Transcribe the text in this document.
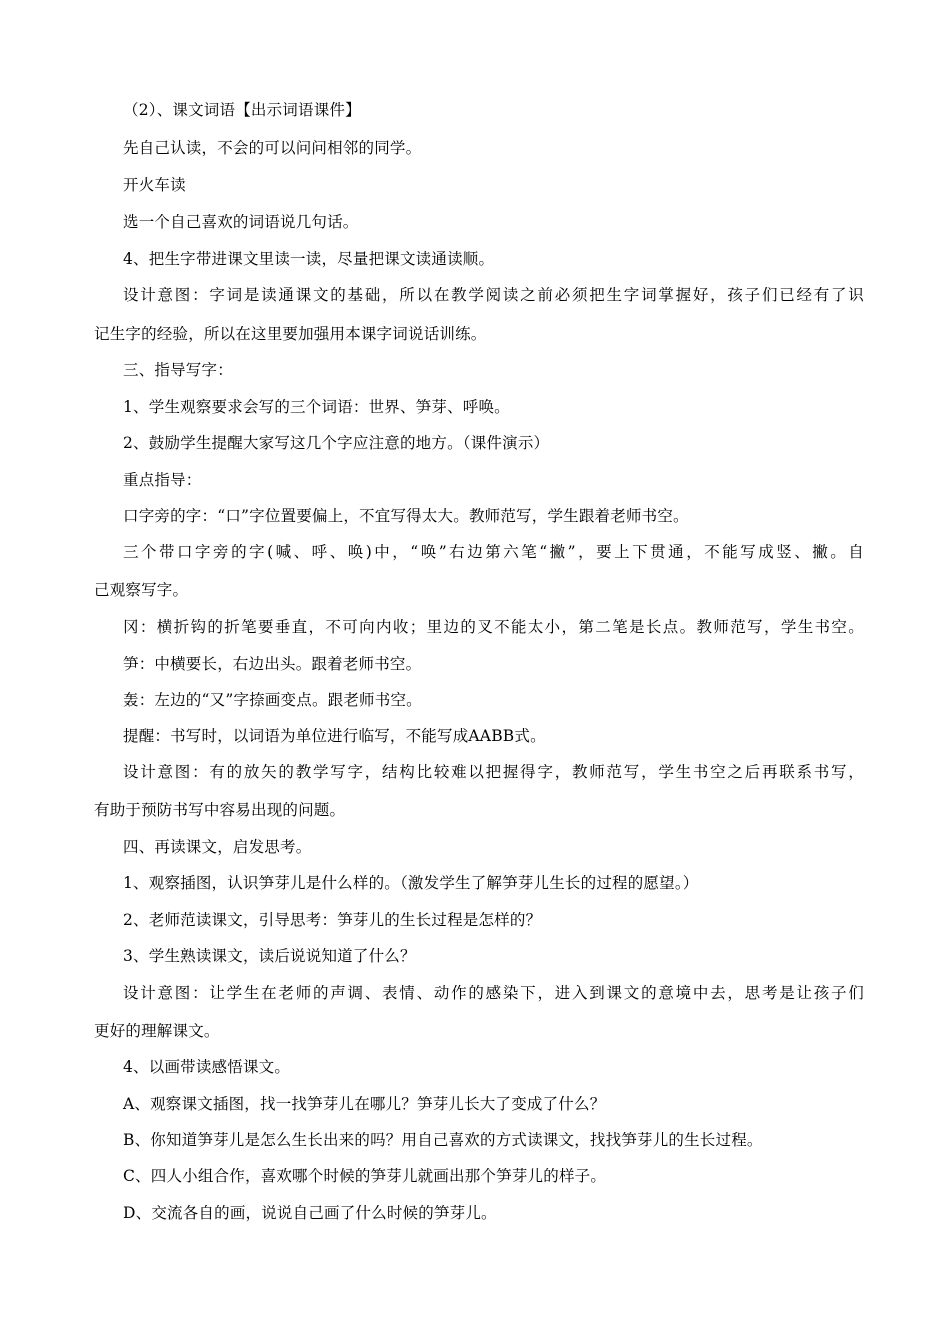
（2）、课文词语【出示词语课件】
先自己认读，不会的可以问问相邻的同学。
开火车读
选一个自己喜欢的词语说几句话。
4、把生字带进课文里读一读，尽量把课文读通读顺。
设计意图：字词是读通课文的基础，所以在教学阅读之前必须把生字词掌握好，孩子们已经有了识
记生字的经验，所以在这里要加强用本课字词说话训练。
三、指导写字：
1、学生观察要求会写的三个词语：世界、笋芽、呼唤。
2、鼓励学生提醒大家写这几个字应注意的地方。（课件演示）
重点指导：
口字旁的字：“口”字位置要偏上，不宜写得太大。教师范写，学生跟着老师书空。
三个带口字旁的字(喊、呼、唤)中，“唤”右边第六笔“撇”，要上下贯通，不能写成竖、撇。自
己观察写字。
冈：横折钩的折笔要垂直，不可向内收；里边的叉不能太小，第二笔是长点。教师范写，学生书空。
笋：中横要长，右边出头。跟着老师书空。
轰：左边的“又”字捺画变点。跟老师书空。
提醒：书写时，以词语为单位进行临写，不能写成AABB式。
设计意图：有的放矢的教学写字，结构比较难以把握得字，教师范写，学生书空之后再联系书写，
有助于预防书写中容易出现的问题。
四、再读课文，启发思考。
1、观察插图，认识笋芽儿是什么样的。（激发学生了解笋芽儿生长的过程的愿望。）
2、老师范读课文，引导思考：笋芽儿的生长过程是怎样的？
3、学生熟读课文，读后说说知道了什么？
设计意图：让学生在老师的声调、表情、动作的感染下，进入到课文的意境中去，思考是让孩子们
更好的理解课文。
4、以画带读感悟课文。
A、观察课文插图，找一找笋芽儿在哪儿？笋芽儿长大了变成了什么？
B、你知道笋芽儿是怎么生长出来的吗？用自己喜欢的方式读课文，找找笋芽儿的生长过程。
C、四人小组合作，喜欢哪个时候的笋芽儿就画出那个笋芽儿的样子。
D、交流各自的画，说说自己画了什么时候的笋芽儿。
